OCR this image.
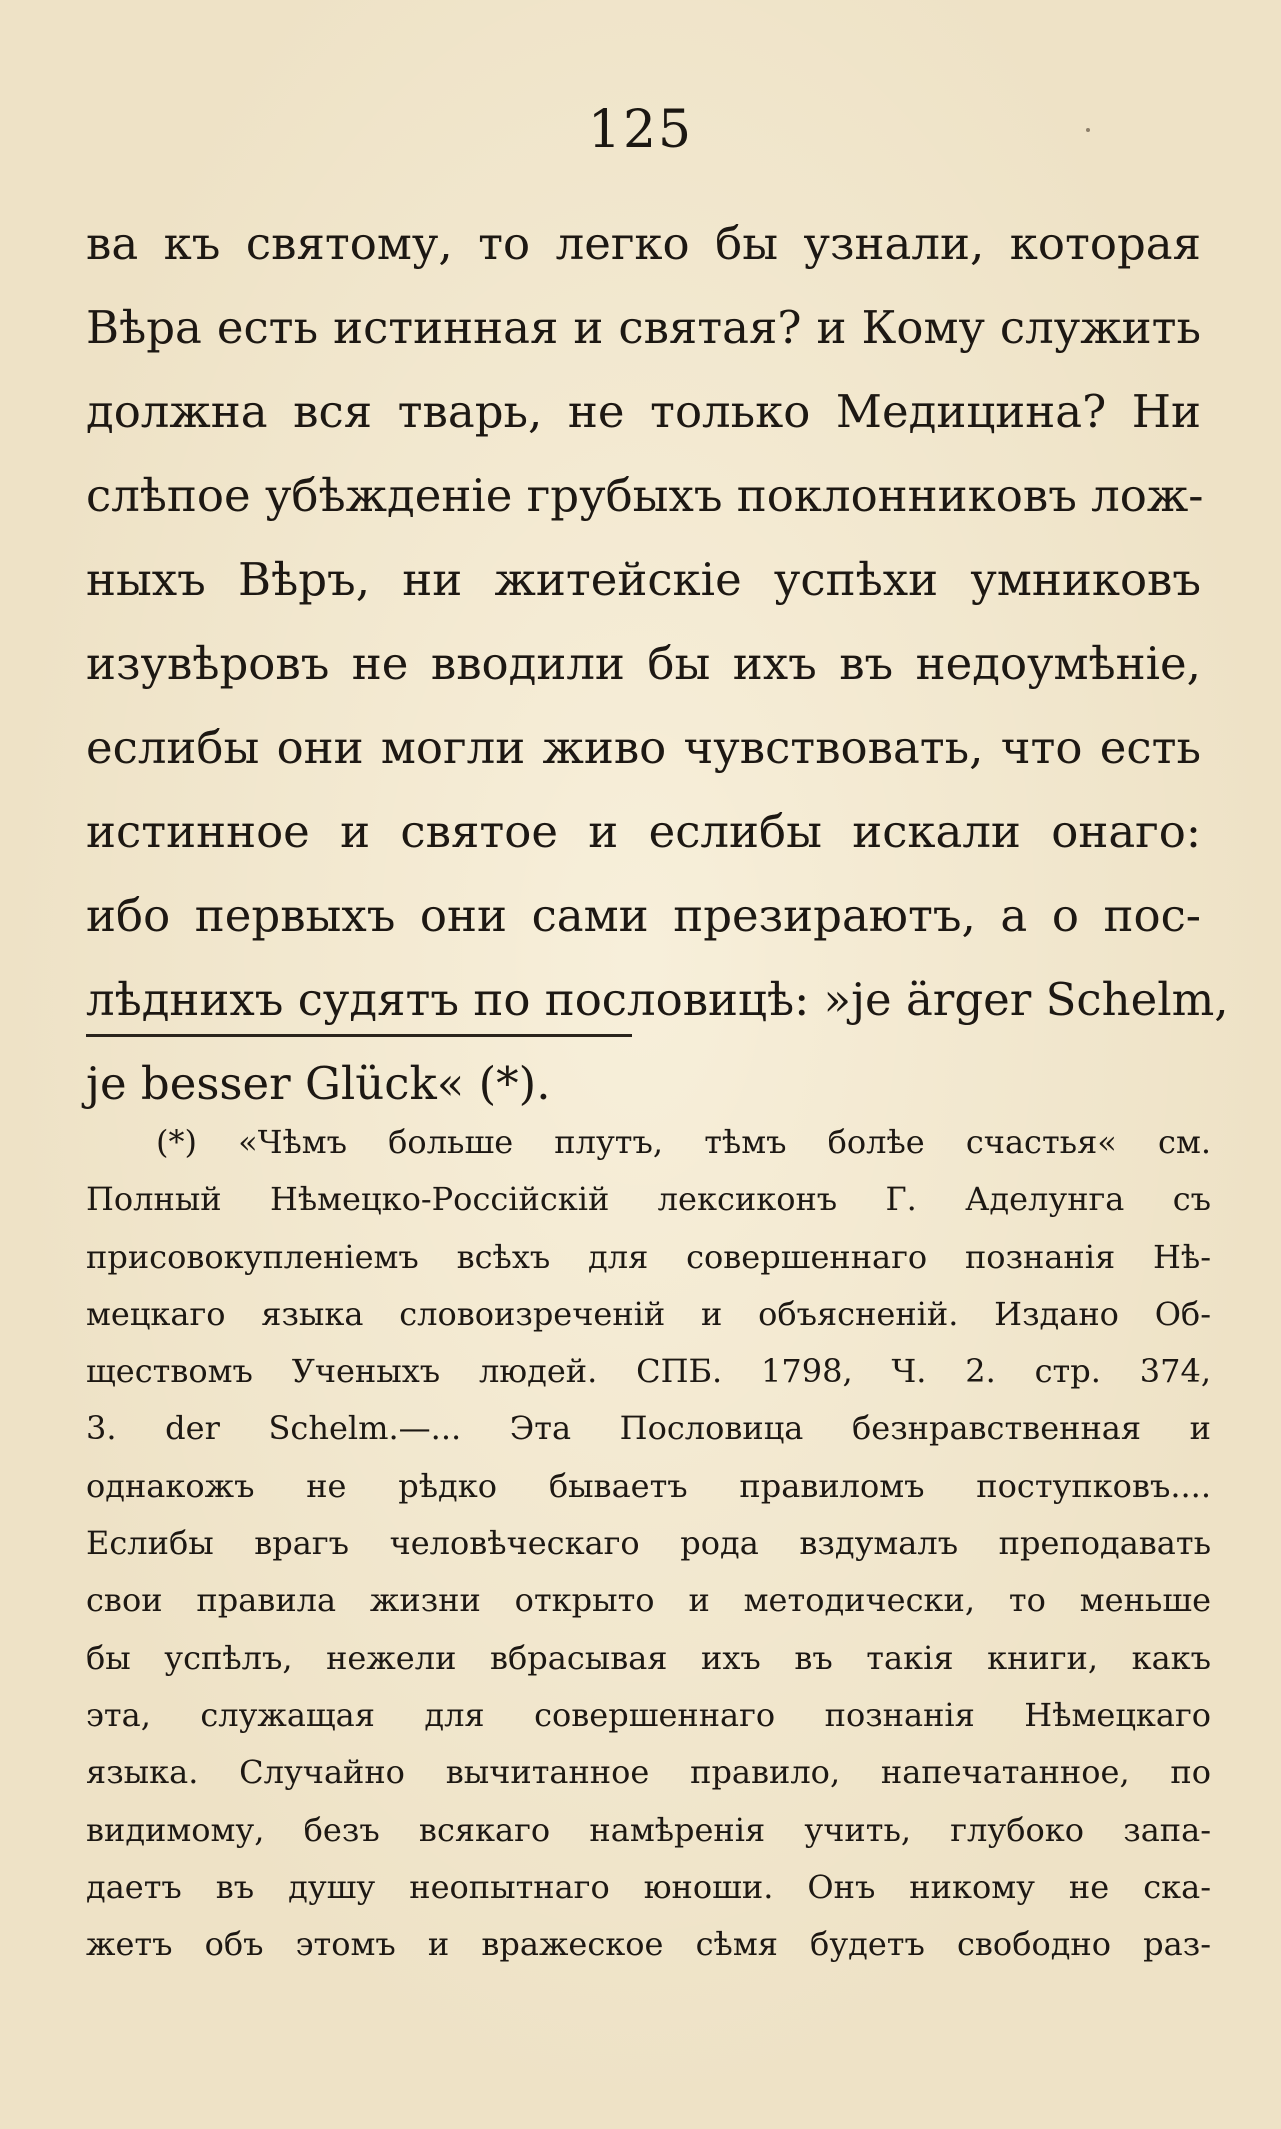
125
ва къ святому, то легко бы узнали, которая
Вѣра есть истинная и святая? и Кому служить
должна вся тварь, не только Медицина? Ни
слѣпое убѣжденіе грубыхъ поклонниковъ лож-
ныхъ Вѣръ, ни житейскіе успѣхи умниковъ
изувѣровъ не вводили бы ихъ въ недоумѣніе,
еслибы они могли живо чувствовать, что есть
истинное и святое и еслибы искали онаго:
ибо первыхъ они сами презираютъ, а о пос-
лѣднихъ судятъ по пословицѣ: »je ärger Schelm,
je besser Glück« (*).
(*) «Чѣмъ больше плутъ, тѣмъ болѣе счастья« см.
Полный Нѣмецко-Россійскій лексиконъ Г. Аделунга съ
присовокупленіемъ всѣхъ для совершеннаго познанія Нѣ-
мецкаго языка словоизреченій и объясненій. Издано Об-
ществомъ Ученыхъ людей. СПБ. 1798, Ч. 2. стр. 374,
3. der Schelm.—... Эта Пословица безнравственная и
однакожъ не рѣдко бываетъ правиломъ поступковъ....
Еслибы врагъ человѣческаго рода вздумалъ преподавать
свои правила жизни открыто и методически, то меньше
бы успѣлъ, нежели вбрасывая ихъ въ такія книги, какъ
эта, служащая для совершеннаго познанія Нѣмецкаго
языка. Случайно вычитанное правило, напечатанное, по
видимому, безъ всякаго намѣренія учить, глубоко запа-
даетъ въ душу неопытнаго юноши. Онъ никому не ска-
жетъ объ этомъ и вражеское сѣмя будетъ свободно раз-
